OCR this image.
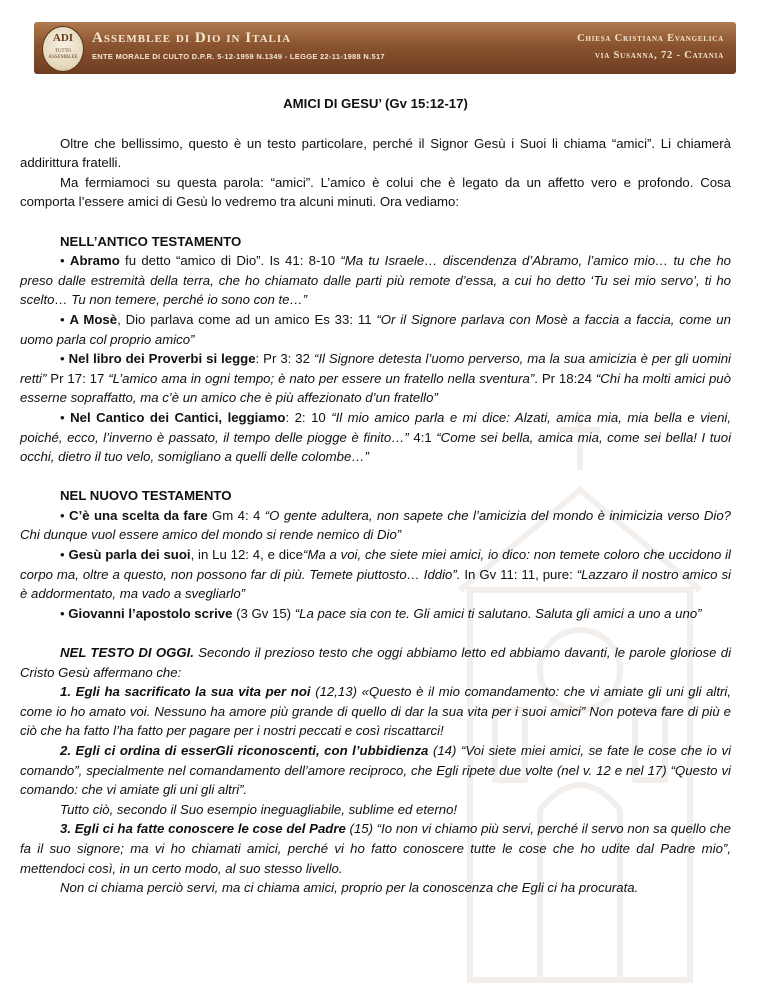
ADI
TUTTO ASSEMBLEE
Assemblee di Dio in Italia
ENTE MORALE DI CULTO D.P.R. 5-12-1959 N.1349 - LEGGE 22-11-1988 N.517
Chiesa Cristiana Evangelica
via Susanna, 72 - Catania
AMICI DI GESU’ (Gv 15:12-17)

Oltre che bellissimo, questo è un testo particolare, perché il Signor Gesù i Suoi li chiama “amici”. Li chiamerà addirittura fratelli.

Ma fermiamoci su questa parola: “amici”. L’amico è colui che è legato da un affetto vero e profondo. Cosa comporta l’essere amici di Gesù lo vedremo tra alcuni minuti. Ora vediamo:

NELL’ANTICO TESTAMENTO

• Abramo fu detto “amico di Dio”. Is 41: 8-10 “Ma tu Israele… discendenza d’Abramo, l’amico mio… tu che ho preso dalle estremità della terra, che ho chiamato dalle parti più remote d’essa, a cui ho detto ‘Tu sei mio servo’, ti ho scelto… Tu non temere, perché io sono con te…”

• A Mosè, Dio parlava come ad un amico Es 33: 11 “Or il Signore parlava con Mosè a faccia a faccia, come un uomo parla col proprio amico”

• Nel libro dei Proverbi si legge: Pr 3: 32 “Il Signore detesta l’uomo perverso, ma la sua amicizia è per gli uomini retti” Pr 17: 17 “L’amico ama in ogni tempo; è nato per essere un fratello nella sventura”. Pr 18:24 “Chi ha molti amici può esserne sopraffatto, ma c’è un amico che è più affezionato d’un fratello”

• Nel Cantico dei Cantici, leggiamo: 2: 10 “Il mio amico parla e mi dice: Alzati, amica mia, mia bella e vieni, poiché, ecco, l’inverno è passato, il tempo delle piogge è finito…” 4:1 “Come sei bella, amica mia, come sei bella! I tuoi occhi, dietro il tuo velo, somigliano a quelli delle colombe…”

NEL NUOVO TESTAMENTO

• C’è una scelta da fare Gm 4: 4 “O gente adultera, non sapete che l’amicizia del mondo è inimicizia verso Dio? Chi dunque vuol essere amico del mondo si rende nemico di Dio”

• Gesù parla dei suoi, in Lu 12: 4, e dice“Ma a voi, che siete miei amici, io dico: non temete coloro che uccidono il corpo ma, oltre a questo, non possono far di più. Temete piuttosto… Iddio”. In Gv 11: 11, pure: “Lazzaro il nostro amico si è addormentato, ma vado a svegliarlo”

• Giovanni l’apostolo scrive (3 Gv 15) “La pace sia con te. Gli amici ti salutano. Saluta gli amici a uno a uno”

NEL TESTO DI OGGI. Secondo il prezioso testo che oggi abbiamo letto ed abbiamo davanti, le parole gloriose di Cristo Gesù affermano che:

1. Egli ha sacrificato la sua vita per noi (12,13) «Questo è il mio comandamento: che vi amiate gli uni gli altri, come io ho amato voi. Nessuno ha amore più grande di quello di dar la sua vita per i suoi amici” Non poteva fare di più e ciò che ha fatto l’ha fatto per pagare per i nostri peccati e così riscattarci!

2. Egli ci ordina di esserGli riconoscenti, con l’ubbidienza (14) “Voi siete miei amici, se fate le cose che io vi comando”, specialmente nel comandamento dell’amore reciproco, che Egli ripete due volte (nel v. 12 e nel 17) “Questo vi comando: che vi amiate gli uni gli altri”.

Tutto ciò, secondo il Suo esempio ineguagliabile, sublime ed eterno!

3. Egli ci ha fatte conoscere le cose del Padre (15) “Io non vi chiamo più servi, perché il servo non sa quello che fa il suo signore; ma vi ho chiamati amici, perché vi ho fatto conoscere tutte le cose che ho udite dal Padre mio”, mettendoci così, in un certo modo, al suo stesso livello.

Non ci chiama perciò servi, ma ci chiama amici, proprio per la conoscenza che Egli ci ha procurata.
